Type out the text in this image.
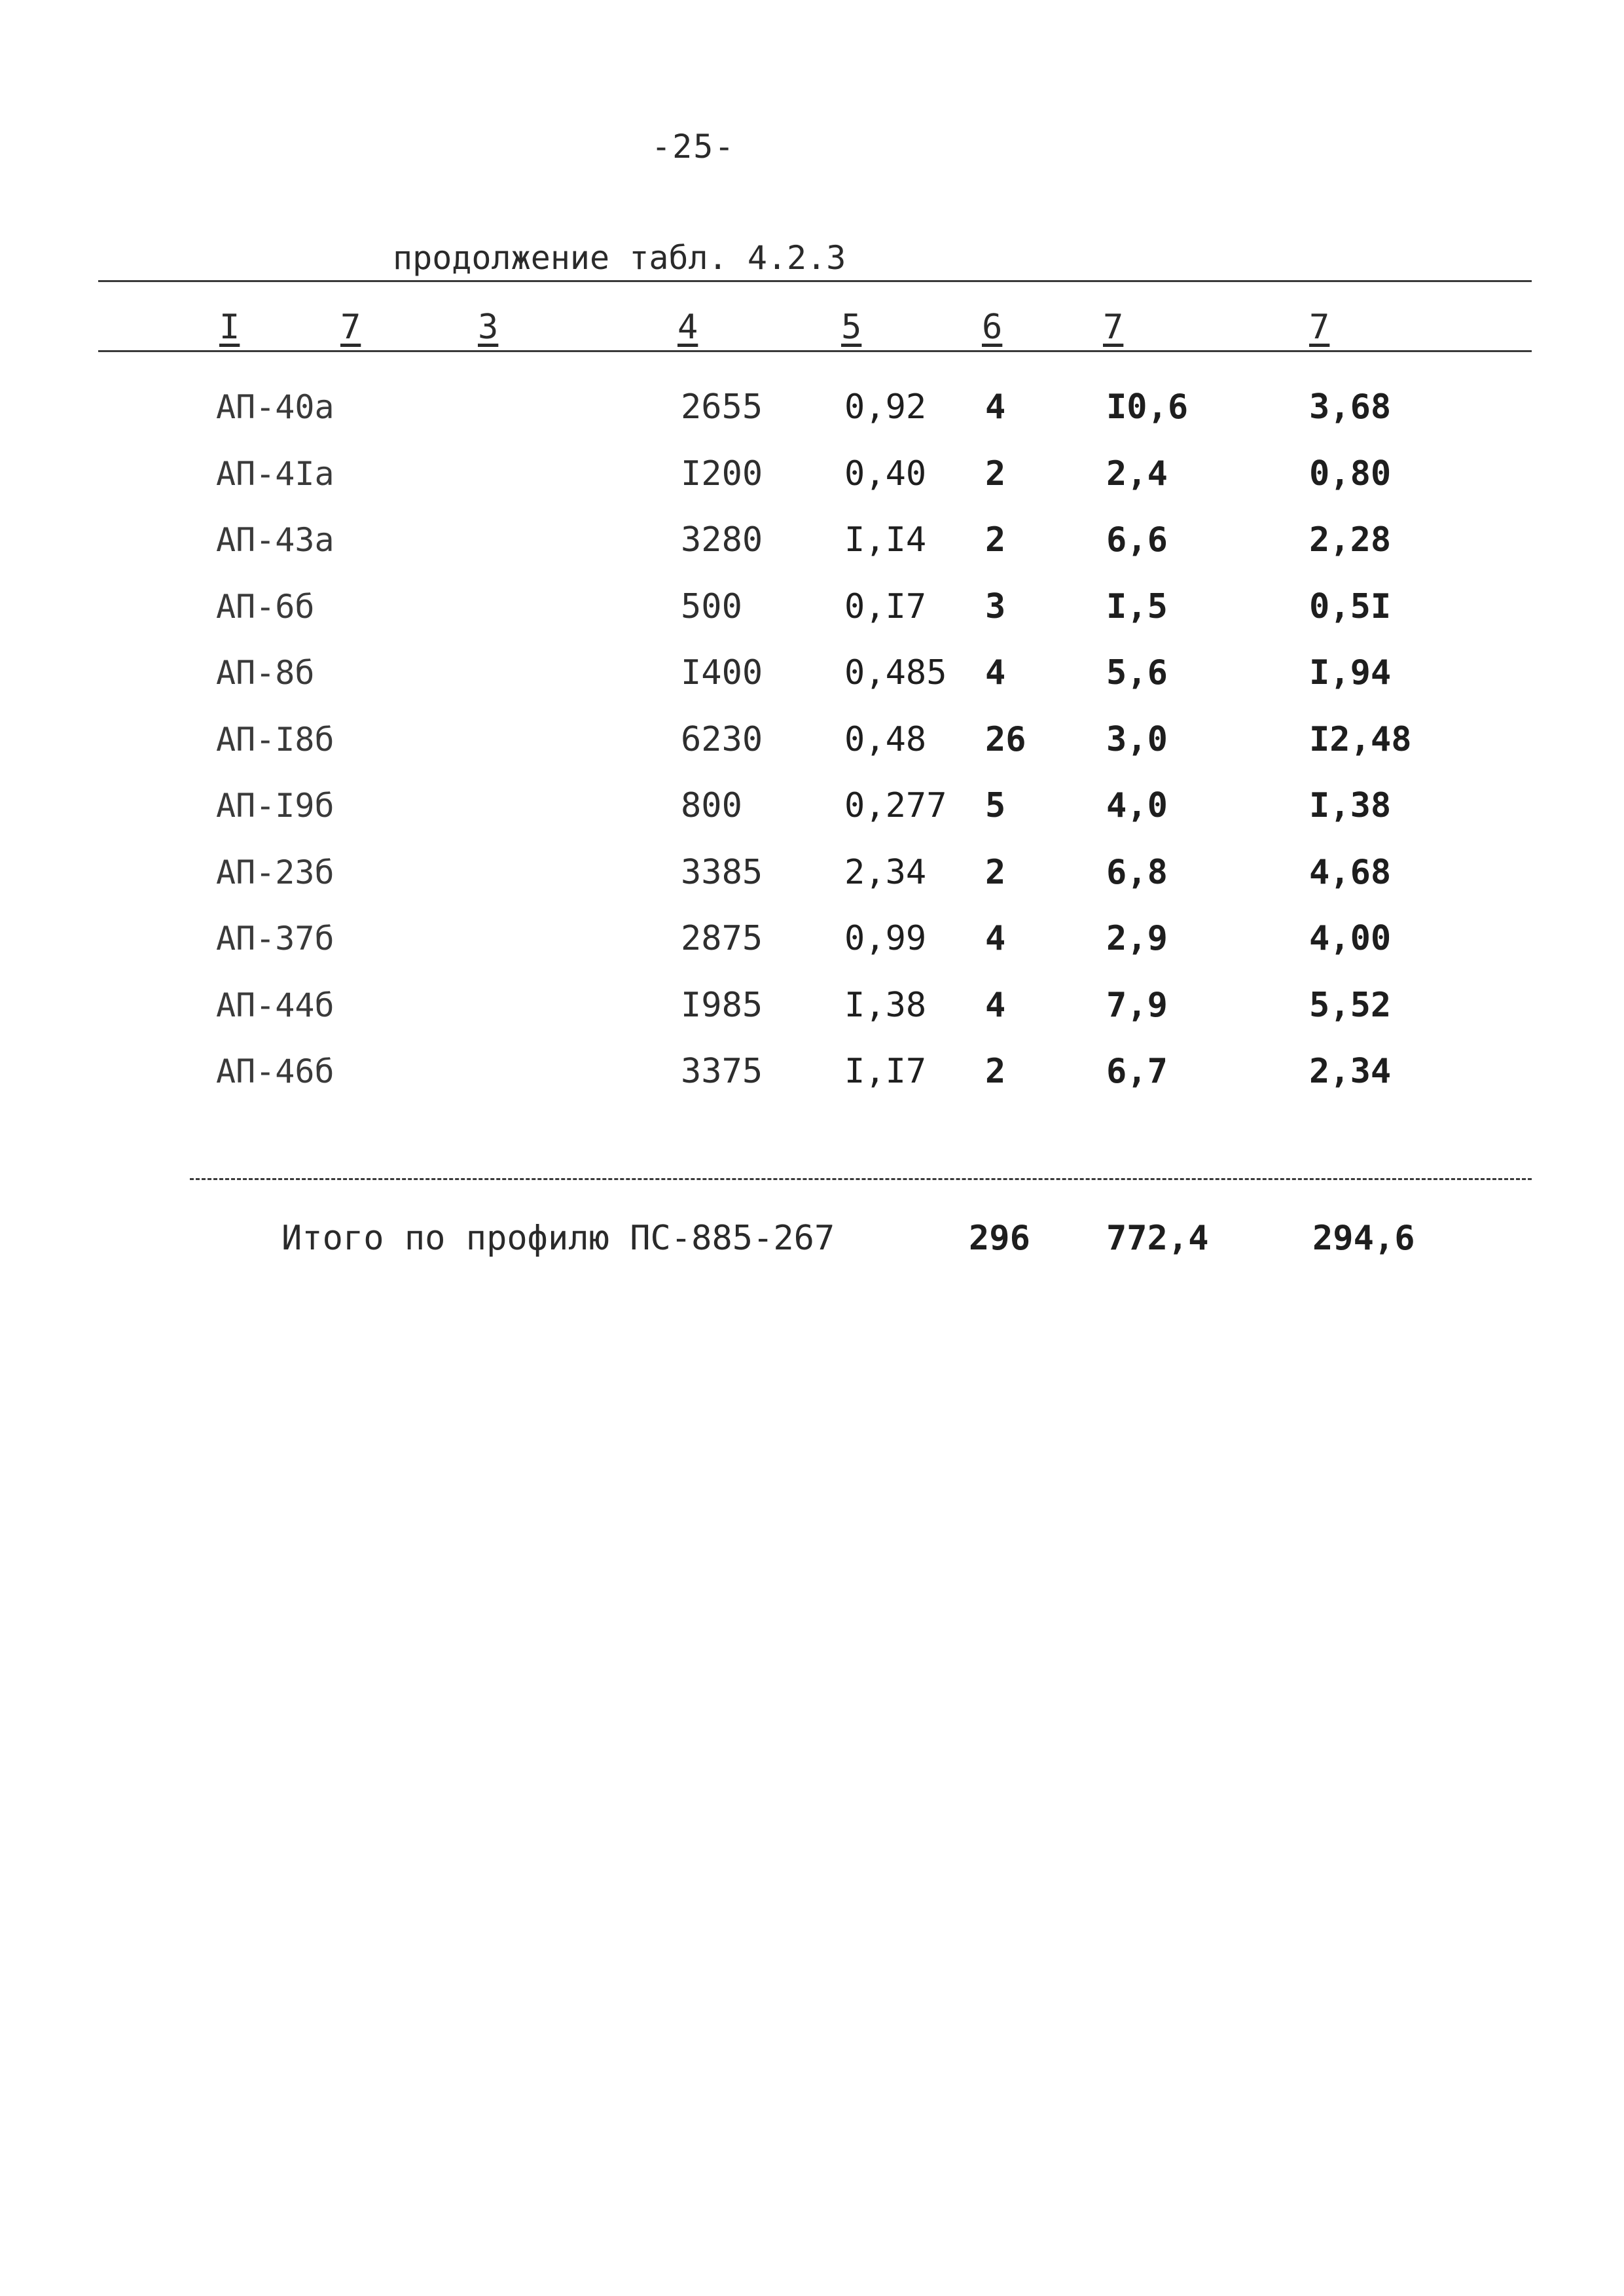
-25-
продолжение табл. 4.2.3
I	7	3	4	5	6	7	7
АП-40а	2655 0,92 4	I0,6	3,68
АП-4Iа	I200 0,40 2	2,4	0,80
АП-43а	3280 I,I4 2	6,6	2,28
АП-6б	500	0,I7 3	I,5	0,5I
АП-8б	I400 0,485 4	5,6	I,94
АП-I8б	6230 0,48 26 3,0	I2,48
АП-I9б	800	0,277 5	4,0	I,38
АП-23б	3385 2,34 2	6,8	4,68
АП-37б	2875 0,99 4	2,9	4,00
АП-44б	I985 I,38 4	7,9	5,52
АП-46б	3375 I,I7 2	6,7	2,34
Итого по профилю ПС-885-267	296 772,4	294,6
